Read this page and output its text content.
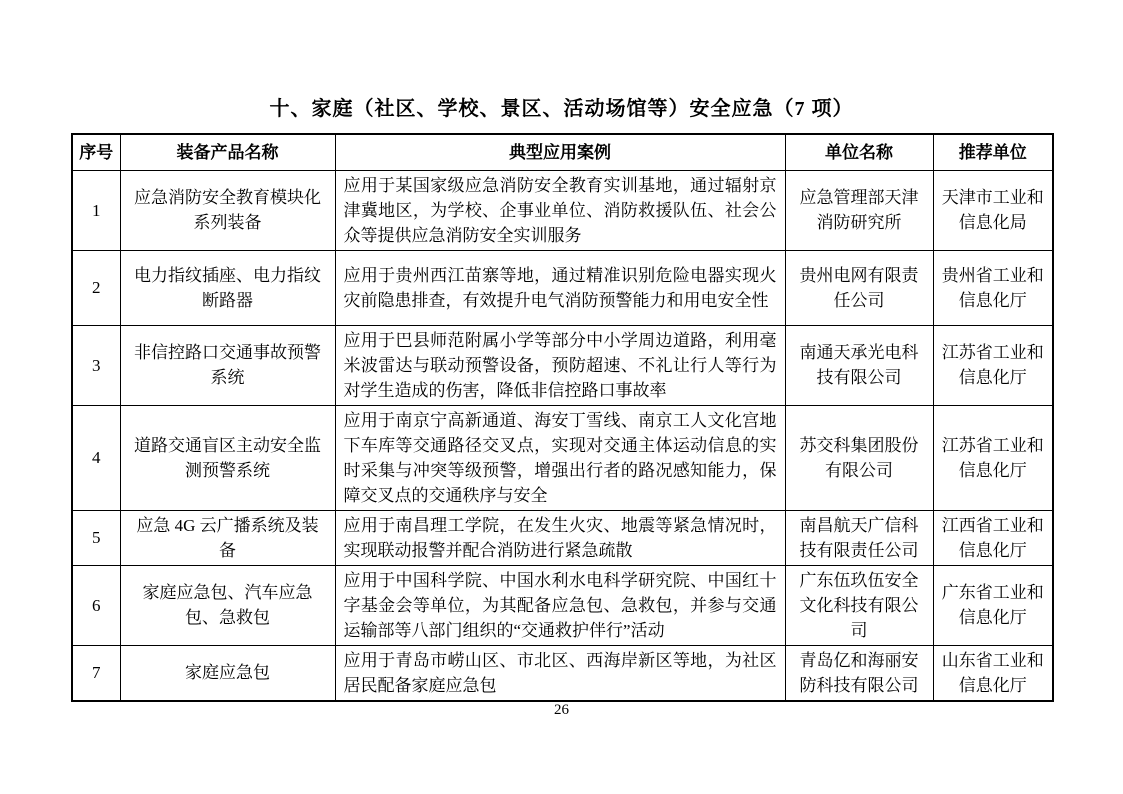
十、家庭（社区、学校、景区、活动场馆等）安全应急（7 项）
序号	装备产品名称	典型应用案例	单位名称	推荐单位
1	应急消防安全教育模块化系列装备	应用于某国家级应急消防安全教育实训基地，通过辐射京津冀地区，为学校、企事业单位、消防救援队伍、社会公众等提供应急消防安全实训服务	应急管理部天津消防研究所	天津市工业和信息化局
2	电力指纹插座、电力指纹断路器	应用于贵州西江苗寨等地，通过精准识别危险电器实现火灾前隐患排查，有效提升电气消防预警能力和用电安全性	贵州电网有限责任公司	贵州省工业和信息化厅
3	非信控路口交通事故预警系统	应用于巴县师范附属小学等部分中小学周边道路，利用毫米波雷达与联动预警设备，预防超速、不礼让行人等行为对学生造成的伤害，降低非信控路口事故率	南通天承光电科技有限公司	江苏省工业和信息化厅
4	道路交通盲区主动安全监测预警系统	应用于南京宁高新通道、海安丁雪线、南京工人文化宫地下车库等交通路径交叉点，实现对交通主体运动信息的实时采集与冲突等级预警，增强出行者的路况感知能力，保障交叉点的交通秩序与安全	苏交科集团股份有限公司	江苏省工业和信息化厅
5	应急 4G 云广播系统及装备	应用于南昌理工学院，在发生火灾、地震等紧急情况时，实现联动报警并配合消防进行紧急疏散	南昌航天广信科技有限责任公司	江西省工业和信息化厅
6	家庭应急包、汽车应急包、急救包	应用于中国科学院、中国水利水电科学研究院、中国红十字基金会等单位，为其配备应急包、急救包，并参与交通运输部等八部门组织的“交通救护伴行”活动	广东伍玖伍安全文化科技有限公司	广东省工业和信息化厅
7	家庭应急包	应用于青岛市崂山区、市北区、西海岸新区等地，为社区居民配备家庭应急包	青岛亿和海丽安防科技有限公司	山东省工业和信息化厅
26
